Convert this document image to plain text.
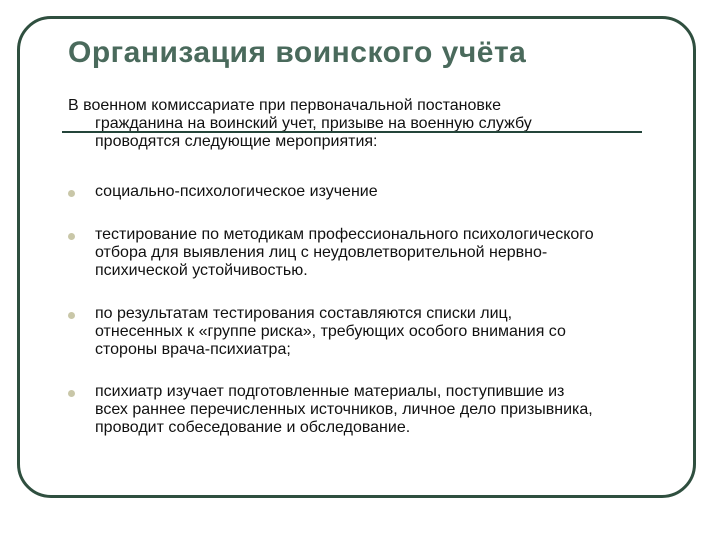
Организация воинского учёта

В военном комиссариате при первоначальной постановке
гражданина на воинский учет, призыве на военную службу
проводятся следующие мероприятия:

социально-психологическое изучение

тестирование по методикам профессионального психологического
отбора для выявления лиц с неудовлетворительной нервно-
психической устойчивостью.

по результатам тестирования составляются списки лиц,
отнесенных к «группе риска», требующих особого внимания со
стороны врача-психиатра;

психиатр изучает подготовленные материалы, поступившие из
всех раннее перечисленных источников, личное дело призывника,
проводит собеседование и обследование.
